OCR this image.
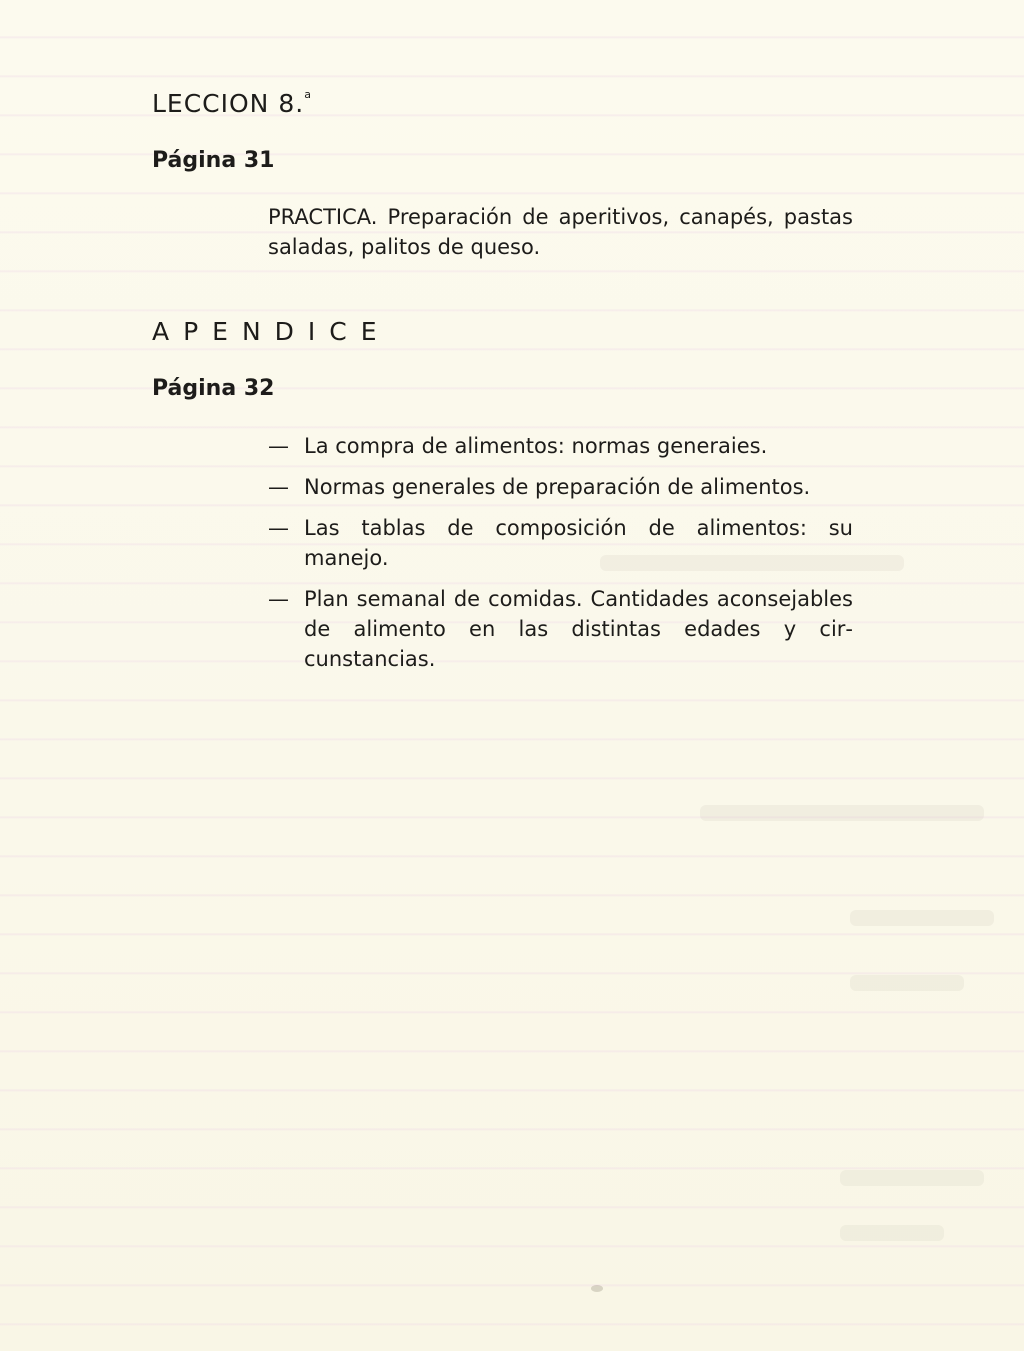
LECCION 8.$^a$
Página 31

PRACTICA. Preparación de aperitivos, canapés, pastas saladas, palitos de queso.

APENDICE
Página 32
— La compra de alimentos: normas generaies.
— Normas generales de preparación de alimentos.
— Las tablas de composición de alimentos: su manejo.
— Plan semanal de comidas. Cantidades aconsejables de alimento en las distintas edades y circunstancias.
